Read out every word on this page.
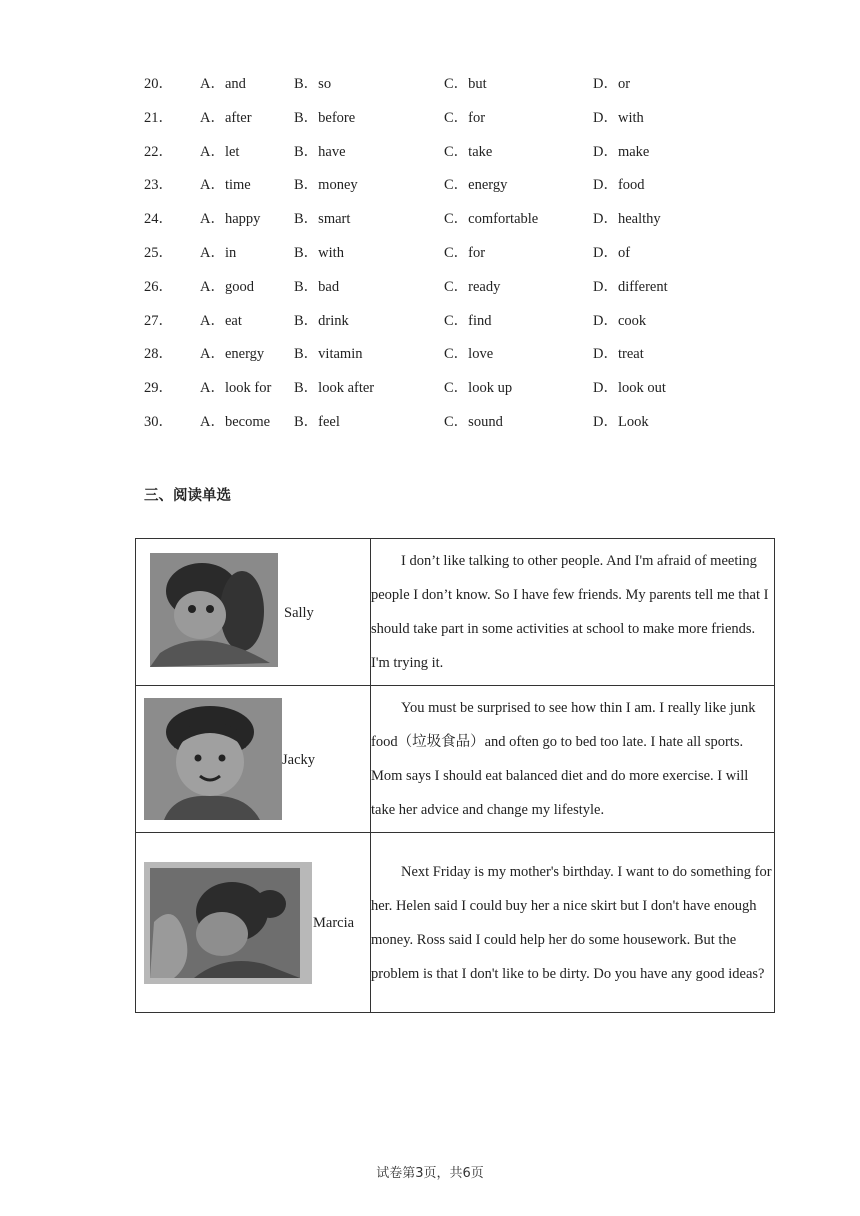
20． A．and	B．so	C．but	D．or
21． A．after	B．before	C．for	D．with
22． A．let	B．have	C．take	D．make
23． A．time	B．money	C．energy	D．food
24． A．happy B．smart	C．comfortable	D．healthy
25． A．in	B．with	C．for	D．of
26． A．good	B．bad	C．ready	D．different
27． A．eat	B．drink	C．find	D．cook
28． A．energy B．vitamin	C．love	D．treat
29． A．look for B．look after	C．look up	D．look out
30． A．become B．feel	C．sound	D．Look
三、阅读单选
Sally	I don’t like talking to other people. And I'm afraid of meeting people I don’t know. So I have few friends. My parents tell me that I should take part in some activities at school to make more friends. I'm trying it.

Jacky	You must be surprised to see how thin I am. I really like junk food（垃圾食品）and often go to bed too late. I hate all sports. Mom says I should eat balanced diet and do more exercise. I will take her advice and change my lifestyle.

Marcia	Next Friday is my mother's birthday. I want to do something for her. Helen said I could buy her a nice skirt but I don't have enough money. Ross said I could help her do some housework. But the problem is that I don't like to be dirty. Do you have any good ideas?

试卷第3页，共6页
